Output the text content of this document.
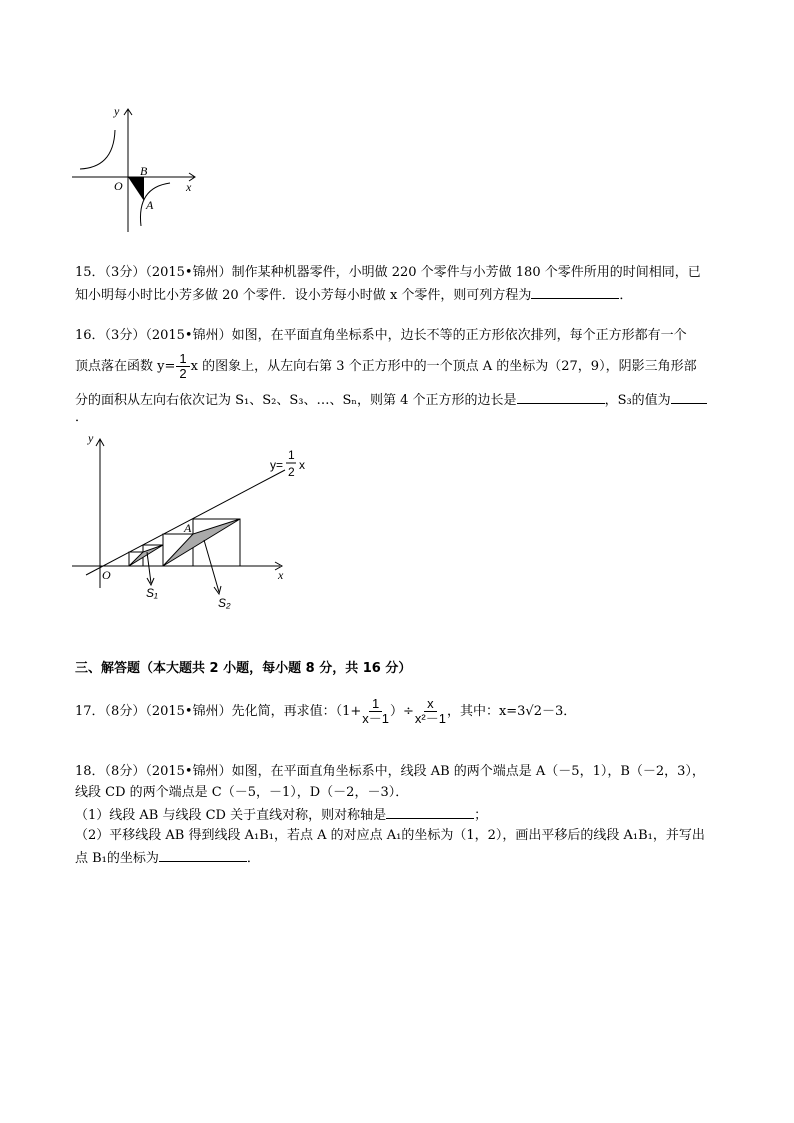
y
x
O
B
A
y
x
O
A
S₁
S₂
y=
1
2 x
15．（3分）（2015•锦州）制作某种机器零件，小明做 220 个零件与小芳做 180 个零件所用的时间相同，已
知小明每小时比小芳多做 20 个零件．设小芳每小时做 x 个零件，则可列方程为	．
16．（3分）（2015•锦州）如图，在平面直角坐标系中，边长不等的正方形依次排列，每个正方形都有一个
顶点落在函数 $y= \frac{1}{2}$ x 的图象上，从左向右第 3 个正方形中的一个顶点 A 的坐标为（27，9），阴影三角形部
分的面积从左向右依次记为 S₁、S₂、S₃、…、Sₙ，则第 4 个正方形的边长是	，S₃的值为
．
三、解答题（本大题共 2 小题，每小题 8 分，共 16 分）
17．（8分）（2015•锦州）先化简，再求值：（$1+ \frac{1}{x-1}$ ）÷ $\frac{x}{\text{x²－1}}$ ，其中：x=3√2－3．
18．（8分）（2015•锦州）如图，在平面直角坐标系中，线段 AB 的两个端点是 A（－5，1），B（－2，3），
线段 CD 的两个端点是 C（－5，－1），D（－2，－3）．
（1）线段 AB 与线段 CD 关于直线对称，则对称轴是	；
（2）平移线段 AB 得到线段 A₁B₁，若点 A 的对应点 A₁的坐标为（1，2），画出平移后的线段 A₁B₁，并写出
点 B₁的坐标为	．
